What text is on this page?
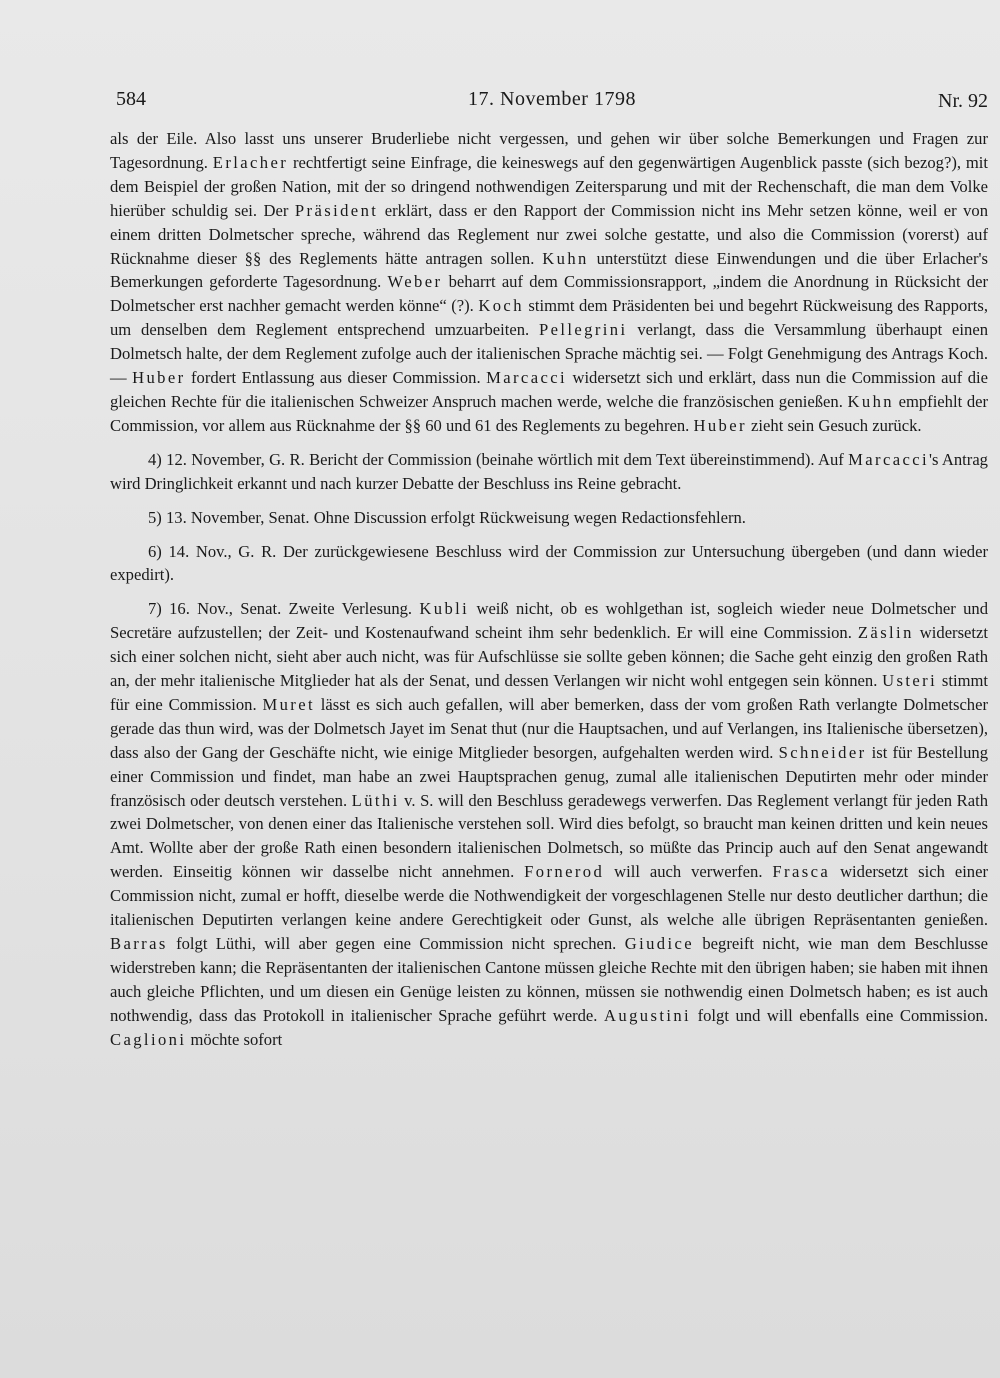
584	17. November 1798	Nr. 92

als der Eile. Also lasst uns unserer Bruderliebe nicht vergessen, und gehen wir über solche Bemerkungen und Fragen zur Tagesordnung. Erlacher rechtfertigt seine Einfrage, die keineswegs auf den gegenwärtigen Augenblick passte (sich bezog?), mit dem Beispiel der großen Nation, mit der so dringend nothwendigen Zeitersparung und mit der Rechenschaft, die man dem Volke hierüber schuldig sei. Der Präsident erklärt, dass er den Rapport der Commission nicht ins Mehr setzen könne, weil er von einem dritten Dolmetscher spreche, während das Reglement nur zwei solche gestatte, und also die Commission (vorerst) auf Rücknahme dieser §§ des Reglements hätte antragen sollen. Kuhn unterstützt diese Einwendungen und die über Erlacher's Bemerkungen geforderte Tagesordnung. Weber beharrt auf dem Commissionsrapport, „indem die Anordnung in Rücksicht der Dolmetscher erst nachher gemacht werden könne“ (?). Koch stimmt dem Präsidenten bei und begehrt Rückweisung des Rapports, um denselben dem Reglement entsprechend umzuarbeiten. Pellegrini verlangt, dass die Versammlung überhaupt einen Dolmetsch halte, der dem Reglement zufolge auch der italienischen Sprache mächtig sei. — Folgt Genehmigung des Antrags Koch. — Huber fordert Entlassung aus dieser Commission. Marcacci widersetzt sich und erklärt, dass nun die Commission auf die gleichen Rechte für die italienischen Schweizer Anspruch machen werde, welche die französischen genießen. Kuhn empfiehlt der Commission, vor allem aus Rücknahme der §§ 60 und 61 des Reglements zu begehren. Huber zieht sein Gesuch zurück.

4) 12. November, G. R. Bericht der Commission (beinahe wörtlich mit dem Text übereinstimmend). Auf Marcacci's Antrag wird Dringlichkeit erkannt und nach kurzer Debatte der Beschluss ins Reine gebracht.

5) 13. November, Senat. Ohne Discussion erfolgt Rückweisung wegen Redactionsfehlern.

6) 14. Nov., G. R. Der zurückgewiesene Beschluss wird der Commission zur Untersuchung übergeben (und dann wieder expedirt).

7) 16. Nov., Senat. Zweite Verlesung. Kubli weiß nicht, ob es wohlgethan ist, sogleich wieder neue Dolmetscher und Secretäre aufzustellen; der Zeit- und Kostenaufwand scheint ihm sehr bedenklich. Er will eine Commission. Zäslin widersetzt sich einer solchen nicht, sieht aber auch nicht, was für Aufschlüsse sie sollte geben können; die Sache geht einzig den großen Rath an, der mehr italienische Mitglieder hat als der Senat, und dessen Verlangen wir nicht wohl entgegen sein können. Usteri stimmt für eine Commission. Muret lässt es sich auch gefallen, will aber bemerken, dass der vom großen Rath verlangte Dolmetscher gerade das thun wird, was der Dolmetsch Jayet im Senat thut (nur die Hauptsachen, und auf Verlangen, ins Italienische übersetzen), dass also der Gang der Geschäfte nicht, wie einige Mitglieder besorgen, aufgehalten werden wird. Schneider ist für Bestellung einer Commission und findet, man habe an zwei Hauptsprachen genug, zumal alle italienischen Deputirten mehr oder minder französisch oder deutsch verstehen. Lüthi v. S. will den Beschluss geradewegs verwerfen. Das Reglement verlangt für jeden Rath zwei Dolmetscher, von denen einer das Italienische verstehen soll. Wird dies befolgt, so braucht man keinen dritten und kein neues Amt. Wollte aber der große Rath einen besondern italienischen Dolmetsch, so müßte das Princip auch auf den Senat angewandt werden. Einseitig können wir dasselbe nicht annehmen. Fornerod will auch verwerfen. Frasca widersetzt sich einer Commission nicht, zumal er hofft, dieselbe werde die Nothwendigkeit der vorgeschlagenen Stelle nur desto deutlicher darthun; die italienischen Deputirten verlangen keine andere Gerechtigkeit oder Gunst, als welche alle übrigen Repräsentanten genießen. Barras folgt Lüthi, will aber gegen eine Commission nicht sprechen. Giudice begreift nicht, wie man dem Beschlusse widerstreben kann; die Repräsentanten der italienischen Cantone müssen gleiche Rechte mit den übrigen haben; sie haben mit ihnen auch gleiche Pflichten, und um diesen ein Genüge leisten zu können, müssen sie nothwendig einen Dolmetsch haben; es ist auch nothwendig, dass das Protokoll in italienischer Sprache geführt werde. Augustini folgt und will ebenfalls eine Commission. Caglioni möchte sofort
